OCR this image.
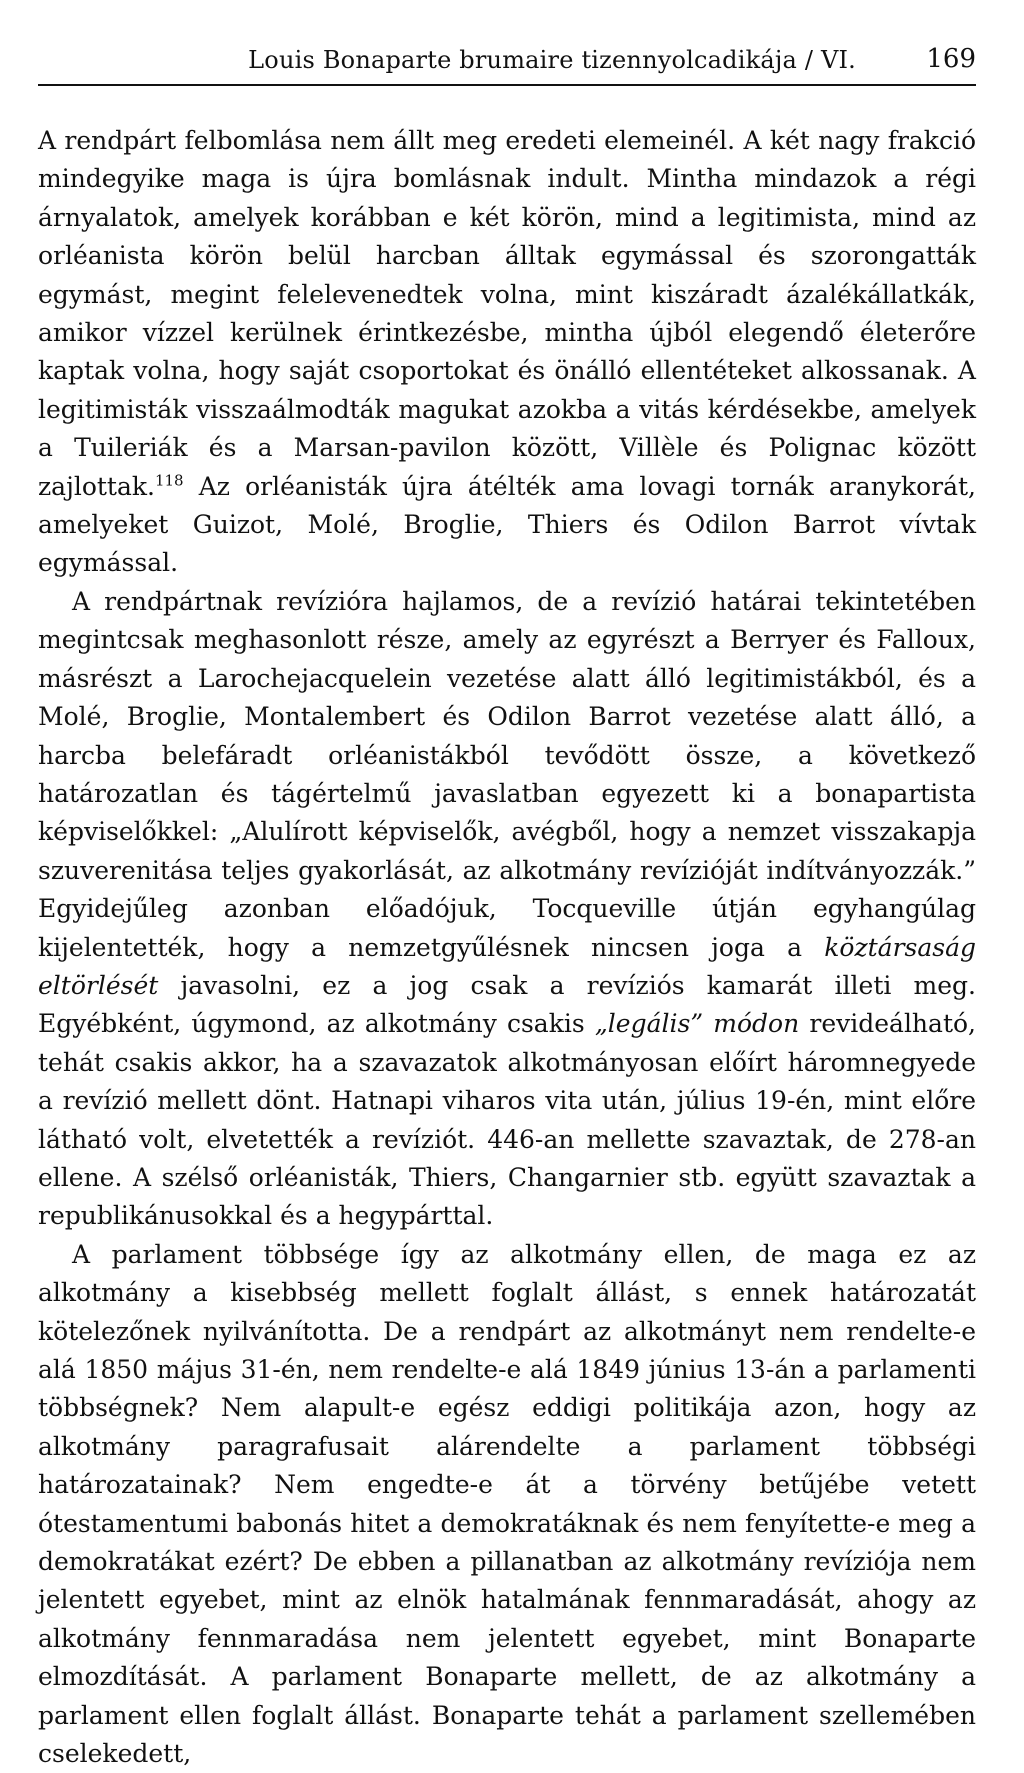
Louis Bonaparte brumaire tizennyolcadikája / VI.	169

A rendpárt felbomlása nem állt meg eredeti elemeinél. A két nagy frakció mindegyike maga is újra bomlásnak indult. Mintha mindazok a régi árnyalatok, amelyek korábban e két körön, mind a legitimista, mind az orléanista körön belül harcban álltak egymással és szorongatták egymást, megint felelevenedtek volna, mint kiszáradt ázalékállatkák, amikor vízzel kerülnek érintkezésbe, mintha újból elegendő életerőre kaptak volna, hogy saját csoportokat és önálló ellentéteket alkossanak. A legitimisták visszaálmodták magukat azokba a vitás kérdésekbe, amelyek a Tuileriák és a Marsan-pavilon között, Villèle és Polignac között zajlottak.$^{118}$ Az orléanisták újra átélték ama lovagi tornák aranykorát, amelyeket Guizot, Molé, Broglie, Thiers és Odilon Barrot vívtak egymással.

A rendpártnak revízióra hajlamos, de a revízió határai tekintetében megintcsak meghasonlott része, amely az egyrészt a Berryer és Falloux, másrészt a Larochejacquelein vezetése alatt álló legitimistákból, és a Molé, Broglie, Montalembert és Odilon Barrot vezetése alatt álló, a harcba belefáradt orléanistákból tevődött össze, a következő határozatlan és tágértelmű javaslatban egyezett ki a bonapartista képviselőkkel: „Alulírott képviselők, avégből, hogy a nemzet visszakapja szuverenitása teljes gyakorlását, az alkotmány revízióját indítványozzák.” Egyidejűleg azonban előadójuk, Tocqueville útján egyhangúlag kijelentették, hogy a nemzetgyűlésnek nincsen joga a köztársaság eltörlését javasolni, ez a jog csak a revíziós kamarát illeti meg. Egyébként, úgymond, az alkotmány csakis „legális” módon revideálható, tehát csakis akkor, ha a szavazatok alkotmányosan előírt háromnegyede a revízió mellett dönt. Hatnapi viharos vita után, július 19-én, mint előre látható volt, elvetették a revíziót. 446-an mellette szavaztak, de 278-an ellene. A szélső orléanisták, Thiers, Changarnier stb. együtt szavaztak a republikánusokkal és a hegypárttal.

A parlament többsége így az alkotmány ellen, de maga ez az alkotmány a kisebbség mellett foglalt állást, s ennek határozatát kötelezőnek nyilvánította. De a rendpárt az alkotmányt nem rendelte-e alá 1850 május 31-én, nem rendelte-e alá 1849 június 13-án a parlamenti többségnek? Nem alapult-e egész eddigi politikája azon, hogy az alkotmány paragrafusait alárendelte a parlament többségi határozatainak? Nem engedte-e át a törvény betűjébe vetett ótestamentumi babonás hitet a demokratáknak és nem fenyítette-e meg a demokratákat ezért? De ebben a pillanatban az alkotmány revíziója nem jelentett egyebet, mint az elnök hatalmának fennmaradását, ahogy az alkotmány fennmaradása nem jelentett egyebet, mint Bonaparte elmozdítását. A parlament Bonaparte mellett, de az alkotmány a parlament ellen foglalt állást. Bonaparte tehát a parlament szellemében cselekedett,
